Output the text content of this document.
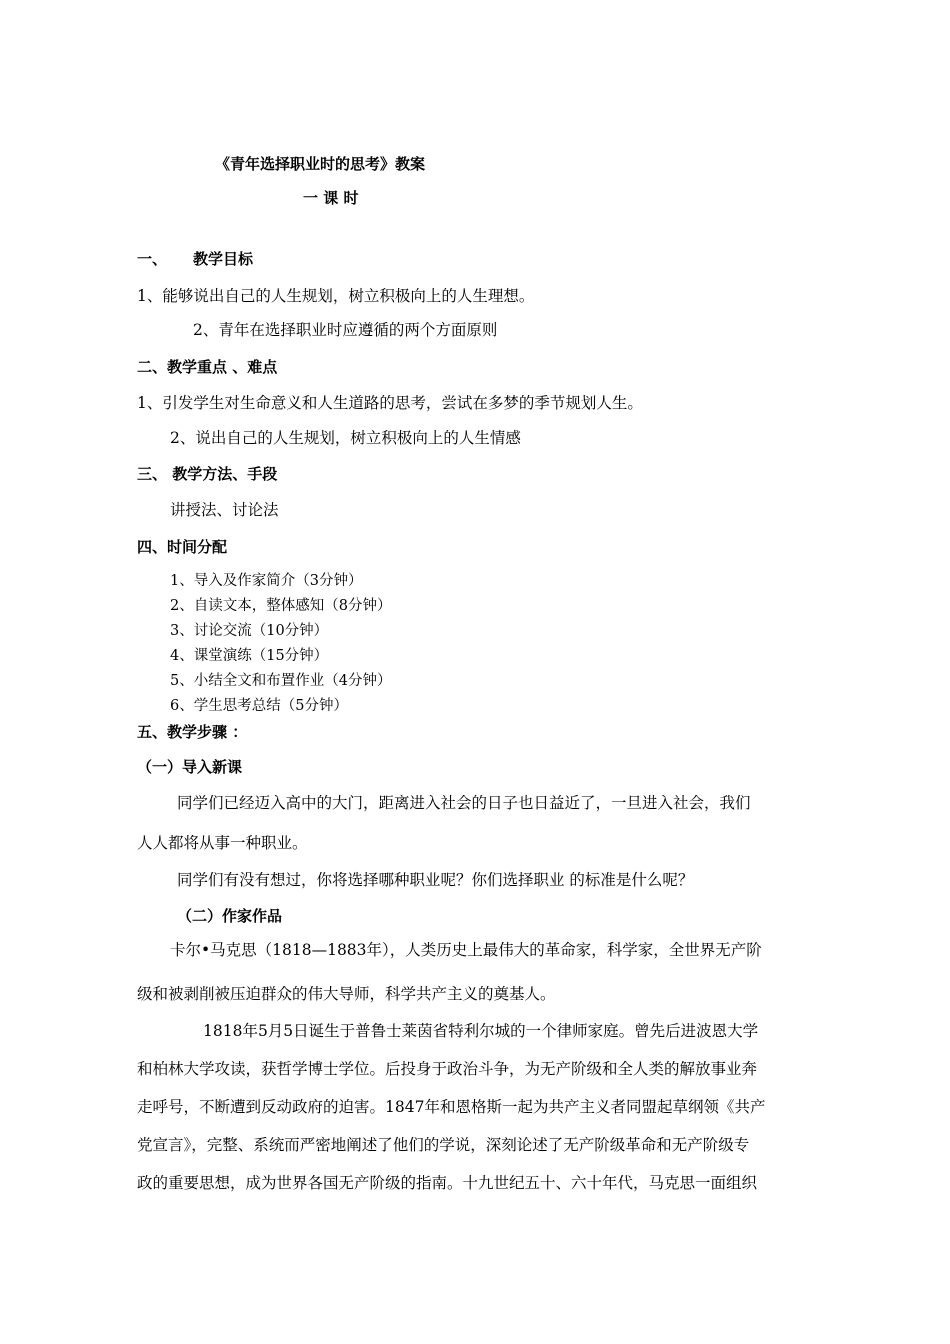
《青年选择职业时的思考》教案
一 课 时
一、 教学目标
1、能够说出自己的人生规划，树立积极向上的人生理想。
2、青年在选择职业时应遵循的两个方面原则
二、教学重点 、难点
1、引发学生对生命意义和人生道路的思考，尝试在多梦的季节规划人生。
2、说出自己的人生规划，树立积极向上的人生情感
三、 教学方法、手段
讲授法、讨论法
四、时间分配
1、导入及作家简介（3分钟）
2、自读文本，整体感知（8分钟）
3、讨论交流（10分钟）
4、课堂演练（15分钟）
5、小结全文和布置作业（4分钟）
6、学生思考总结（5分钟）
五、教学步骤 ：
（一）导入新课
同学们已经迈入高中的大门，距离进入社会的日子也日益近了，一旦进入社会，我们
人人都将从事一种职业。
同学们有没有想过，你将选择哪种职业呢？你们选择职业 的标准是什么呢？
（二）作家作品
卡尔•马克思（1818—1883年），人类历史上最伟大的革命家，科学家，全世界无产阶
级和被剥削被压迫群众的伟大导师，科学共产主义的奠基人。
1818年5月5日诞生于普鲁士莱茵省特利尔城的一个律师家庭。曾先后进波恩大学
和柏林大学攻读，获哲学博士学位。后投身于政治斗争，为无产阶级和全人类的解放事业奔
走呼号，不断遭到反动政府的迫害。1847年和恩格斯一起为共产主义者同盟起草纲领《共产
党宣言》，完整、系统而严密地阐述了他们的学说，深刻论述了无产阶级革命和无产阶级专
政的重要思想，成为世界各国无产阶级的指南。十九世纪五十、六十年代，马克思一面组织
